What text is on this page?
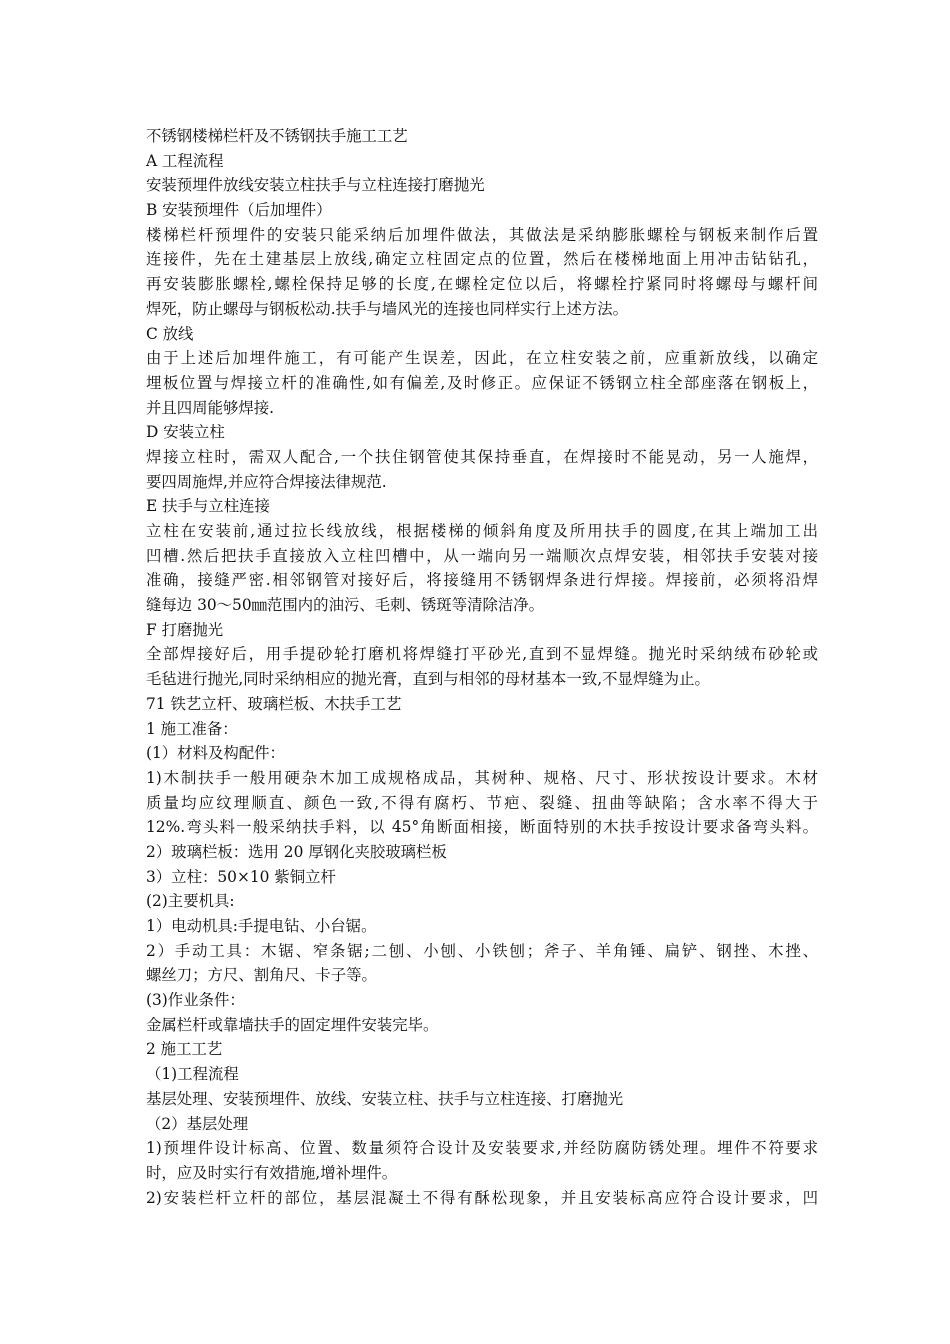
不锈钢楼梯栏杆及不锈钢扶手施工工艺
A 工程流程
安装预埋件放线安装立柱扶手与立柱连接打磨抛光
B 安装预埋件（后加埋件）
楼梯栏杆预埋件的安装只能采纳后加埋件做法，其做法是采纳膨胀螺栓与钢板来制作后置
连接件，先在土建基层上放线,确定立柱固定点的位置，然后在楼梯地面上用冲击钻钻孔，
再安装膨胀螺栓,螺栓保持足够的长度,在螺栓定位以后，将螺栓拧紧同时将螺母与螺杆间
焊死，防止螺母与钢板松动.扶手与墙风光的连接也同样实行上述方法。
C 放线
由于上述后加埋件施工，有可能产生误差，因此，在立柱安装之前，应重新放线，以确定
埋板位置与焊接立杆的准确性,如有偏差,及时修正。应保证不锈钢立柱全部座落在钢板上，
并且四周能够焊接.
D 安装立柱
焊接立柱时，需双人配合,一个扶住钢管使其保持垂直，在焊接时不能晃动，另一人施焊，
要四周施焊,并应符合焊接法律规范.
E 扶手与立柱连接
立柱在安装前,通过拉长线放线，根据楼梯的倾斜角度及所用扶手的圆度,在其上端加工出
凹槽.然后把扶手直接放入立柱凹槽中，从一端向另一端顺次点焊安装，相邻扶手安装对接
准确，接缝严密.相邻钢管对接好后，将接缝用不锈钢焊条进行焊接。焊接前，必须将沿焊
缝每边 30～50㎜范围内的油污、毛刺、锈斑等清除洁净。
F 打磨抛光
全部焊接好后，用手提砂轮打磨机将焊缝打平砂光,直到不显焊缝。抛光时采纳绒布砂轮或
毛毡进行抛光,同时采纳相应的抛光膏，直到与相邻的母材基本一致,不显焊缝为止。
71 铁艺立杆、玻璃栏板、木扶手工艺
1 施工准备：
(1）材料及构配件：
1)木制扶手一般用硬杂木加工成规格成品，其树种、规格、尺寸、形状按设计要求。木材
质量均应纹理顺直、颜色一致,不得有腐朽、节疤、裂缝、扭曲等缺陷；含水率不得大于
12%.弯头料一般采纳扶手料，以 45°角断面相接，断面特别的木扶手按设计要求备弯头料。
2）玻璃栏板：选用 20 厚钢化夹胶玻璃栏板
3）立柱：50×10 紫铜立杆
(2)主要机具:
1）电动机具:手提电钻、小台锯。
2）手动工具：木锯、窄条锯;二刨、小刨、小铁刨；斧子、羊角锤、扁铲、钢挫、木挫、
螺丝刀；方尺、割角尺、卡子等。
(3)作业条件：
金属栏杆或靠墙扶手的固定埋件安装完毕。
2 施工工艺
（1)工程流程
基层处理、安装预埋件、放线、安装立柱、扶手与立柱连接、打磨抛光
（2）基层处理
1)预埋件设计标高、位置、数量须符合设计及安装要求,并经防腐防锈处理。埋件不符要求
时，应及时实行有效措施,增补埋件。
2)安装栏杆立杆的部位，基层混凝土不得有酥松现象，并且安装标高应符合设计要求，凹
